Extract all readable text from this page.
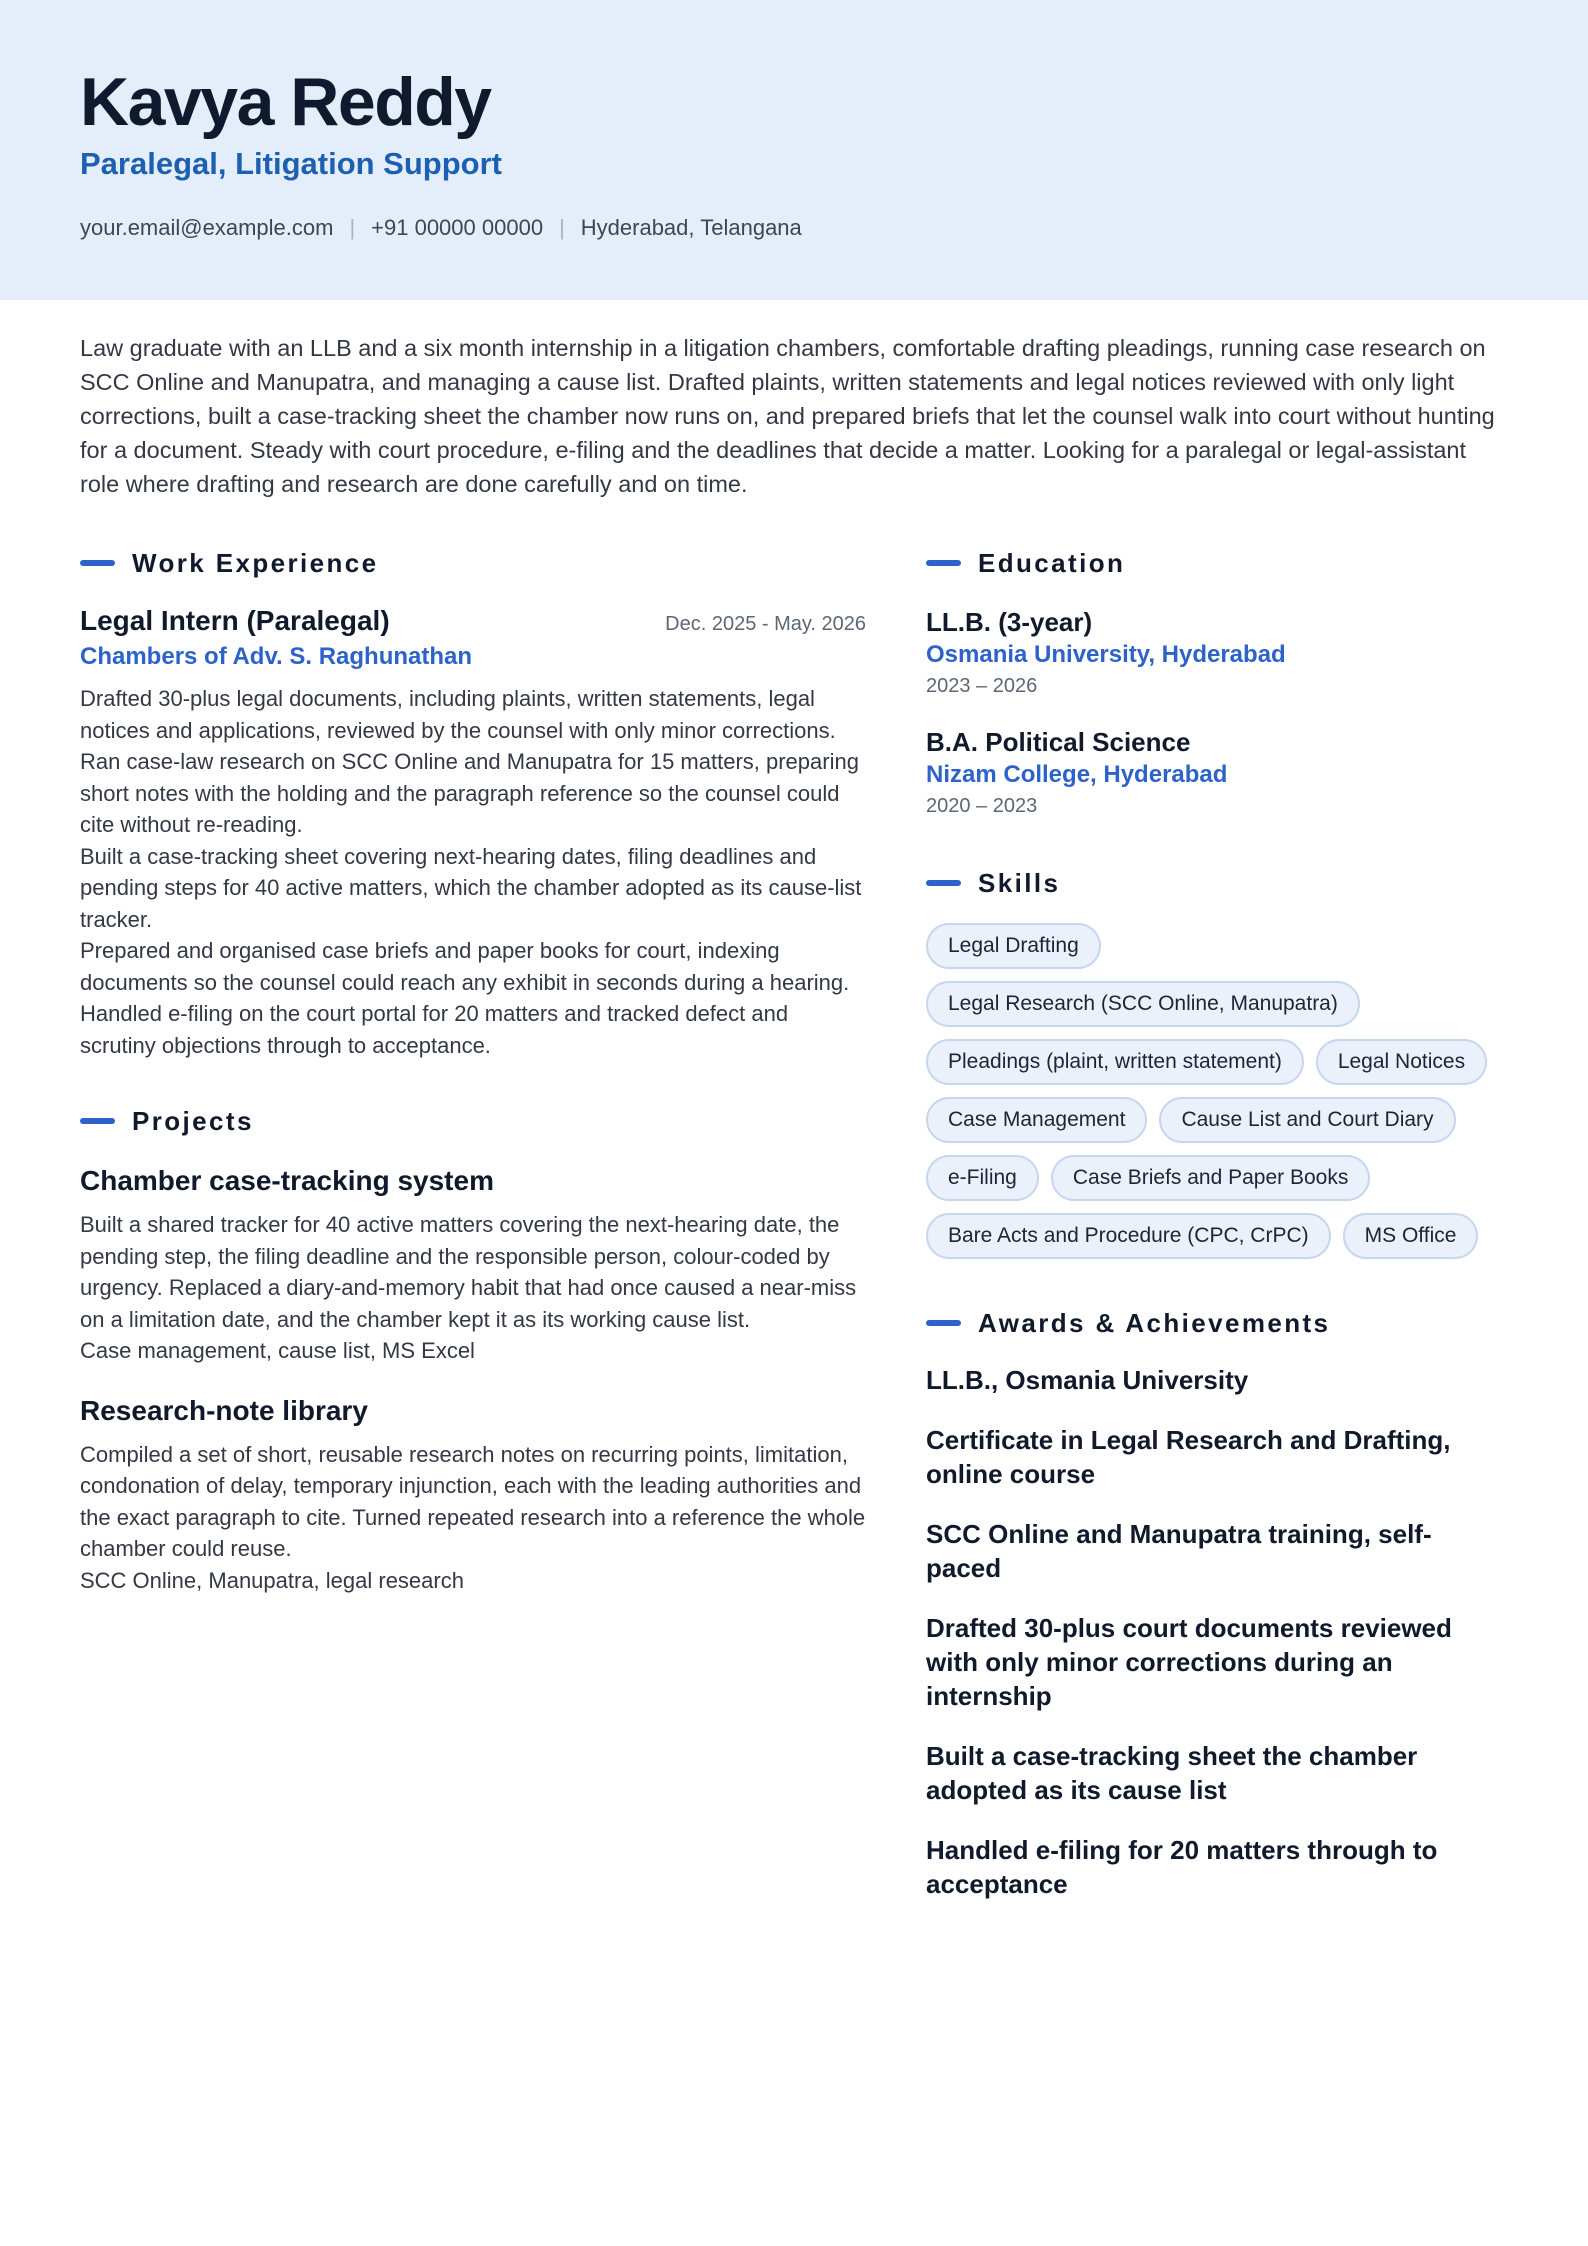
Kavya Reddy
Paralegal, Litigation Support
your.email@example.com | +91 00000 00000 | Hyderabad, Telangana

Law graduate with an LLB and a six month internship in a litigation chambers, comfortable drafting pleadings, running case research on SCC Online and Manupatra, and managing a cause list. Drafted plaints, written statements and legal notices reviewed with only light corrections, built a case-tracking sheet the chamber now runs on, and prepared briefs that let the counsel walk into court without hunting for a document. Steady with court procedure, e-filing and the deadlines that decide a matter. Looking for a paralegal or legal-assistant role where drafting and research are done carefully and on time.

Work Experience
Legal Intern (Paralegal)	Dec. 2025 - May. 2026
Chambers of Adv. S. Raghunathan
Drafted 30-plus legal documents, including plaints, written statements, legal notices and applications, reviewed by the counsel with only minor corrections.
Ran case-law research on SCC Online and Manupatra for 15 matters, preparing short notes with the holding and the paragraph reference so the counsel could cite without re-reading.
Built a case-tracking sheet covering next-hearing dates, filing deadlines and pending steps for 40 active matters, which the chamber adopted as its cause-list tracker.
Prepared and organised case briefs and paper books for court, indexing documents so the counsel could reach any exhibit in seconds during a hearing.
Handled e-filing on the court portal for 20 matters and tracked defect and scrutiny objections through to acceptance.
Projects
Chamber case-tracking system
Built a shared tracker for 40 active matters covering the next-hearing date, the pending step, the filing deadline and the responsible person, colour-coded by urgency. Replaced a diary-and-memory habit that had once caused a near-miss on a limitation date, and the chamber kept it as its working cause list.
Case management, cause list, MS Excel
Research-note library
Compiled a set of short, reusable research notes on recurring points, limitation, condonation of delay, temporary injunction, each with the leading authorities and the exact paragraph to cite. Turned repeated research into a reference the whole chamber could reuse.
SCC Online, Manupatra, legal research
Education
LL.B. (3-year)
Osmania University, Hyderabad
2023 – 2026
B.A. Political Science
Nizam College, Hyderabad
2020 – 2023
Skills
Legal Drafting
Legal Research (SCC Online, Manupatra)
Pleadings (plaint, written statement)	Legal Notices
Case Management	Cause List and Court Diary
e-Filing	Case Briefs and Paper Books
Bare Acts and Procedure (CPC, CrPC)	MS Office
Awards & Achievements
LL.B., Osmania University
Certificate in Legal Research and Drafting, online course
SCC Online and Manupatra training, self-paced
Drafted 30-plus court documents reviewed with only minor corrections during an internship
Built a case-tracking sheet the chamber adopted as its cause list
Handled e-filing for 20 matters through to acceptance
